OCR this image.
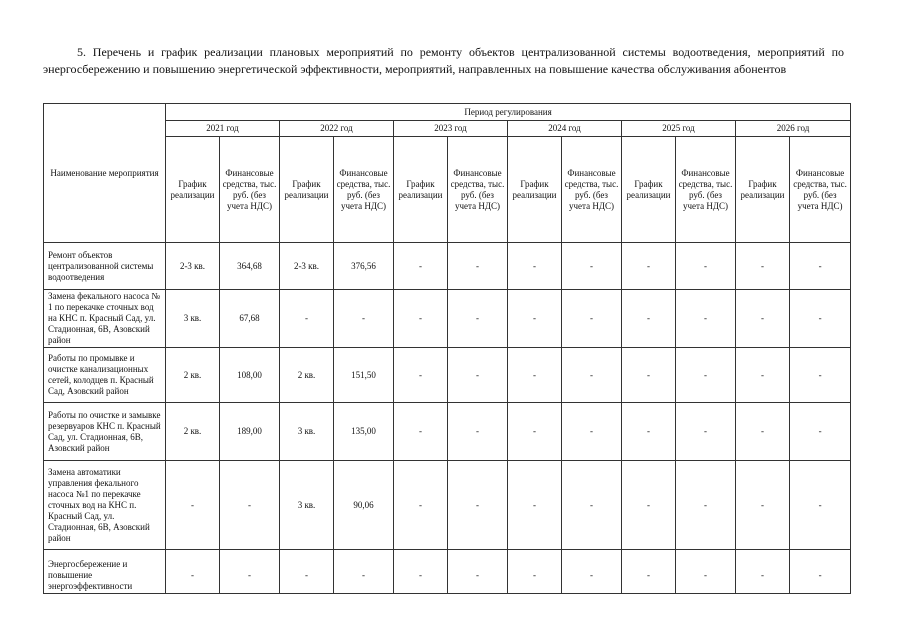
5. Перечень и график реализации плановых мероприятий по ремонту объектов централизованной системы водоотведения, мероприятий по энергосбережению и повышению энергетической эффективности, мероприятий, направленных на повышение качества обслуживания абонентов
Наименование мероприятия	Период регулирования											
	2021 год		2022 год		2023 год		2024 год		2025 год		2026 год	
	График реализации	Финансовые средства, тыс. руб. (без учета НДС)	График реализации	Финансовые средства, тыс. руб. (без учета НДС)	График реализации	Финансовые средства, тыс. руб. (без учета НДС)	График реализации	Финансовые средства, тыс. руб. (без учета НДС)	График реализации	Финансовые средства, тыс. руб. (без учета НДС)	График реализации	Финансовые средства, тыс. руб. (без учета НДС)
Ремонт объектов централизованной системы водоотведения	2-3 кв.	364,68	2-3 кв.	376,56	-	-	-	-	-	-	-	-
Замена фекального насоса № 1 по перекачке сточных вод на КНС п. Красный Сад, ул. Стадионная, 6В, Азовский район	3 кв.	67,68	-	-	-	-	-	-	-	-	-	-
Работы по промывке и очистке канализационных сетей, колодцев п. Красный Сад, Азовский район	2 кв.	108,00	2 кв.	151,50	-	-	-	-	-	-	-	-
Работы по очистке и замывке резервуаров КНС п. Красный Сад, ул. Стадионная, 6В, Азовский район	2 кв.	189,00	3 кв.	135,00	-	-	-	-	-	-	-	-
Замена автоматики управления фекального насоса №1 по перекачке сточных вод на КНС п. Красный Сад, ул. Стадионная, 6В, Азовский район	-	-	3 кв.	90,06	-	-	-	-	-	-	-	-

Энергосбережение и повышение энергоэффективности	-	-	-	-	-	-	-	-	-	-	-	-
